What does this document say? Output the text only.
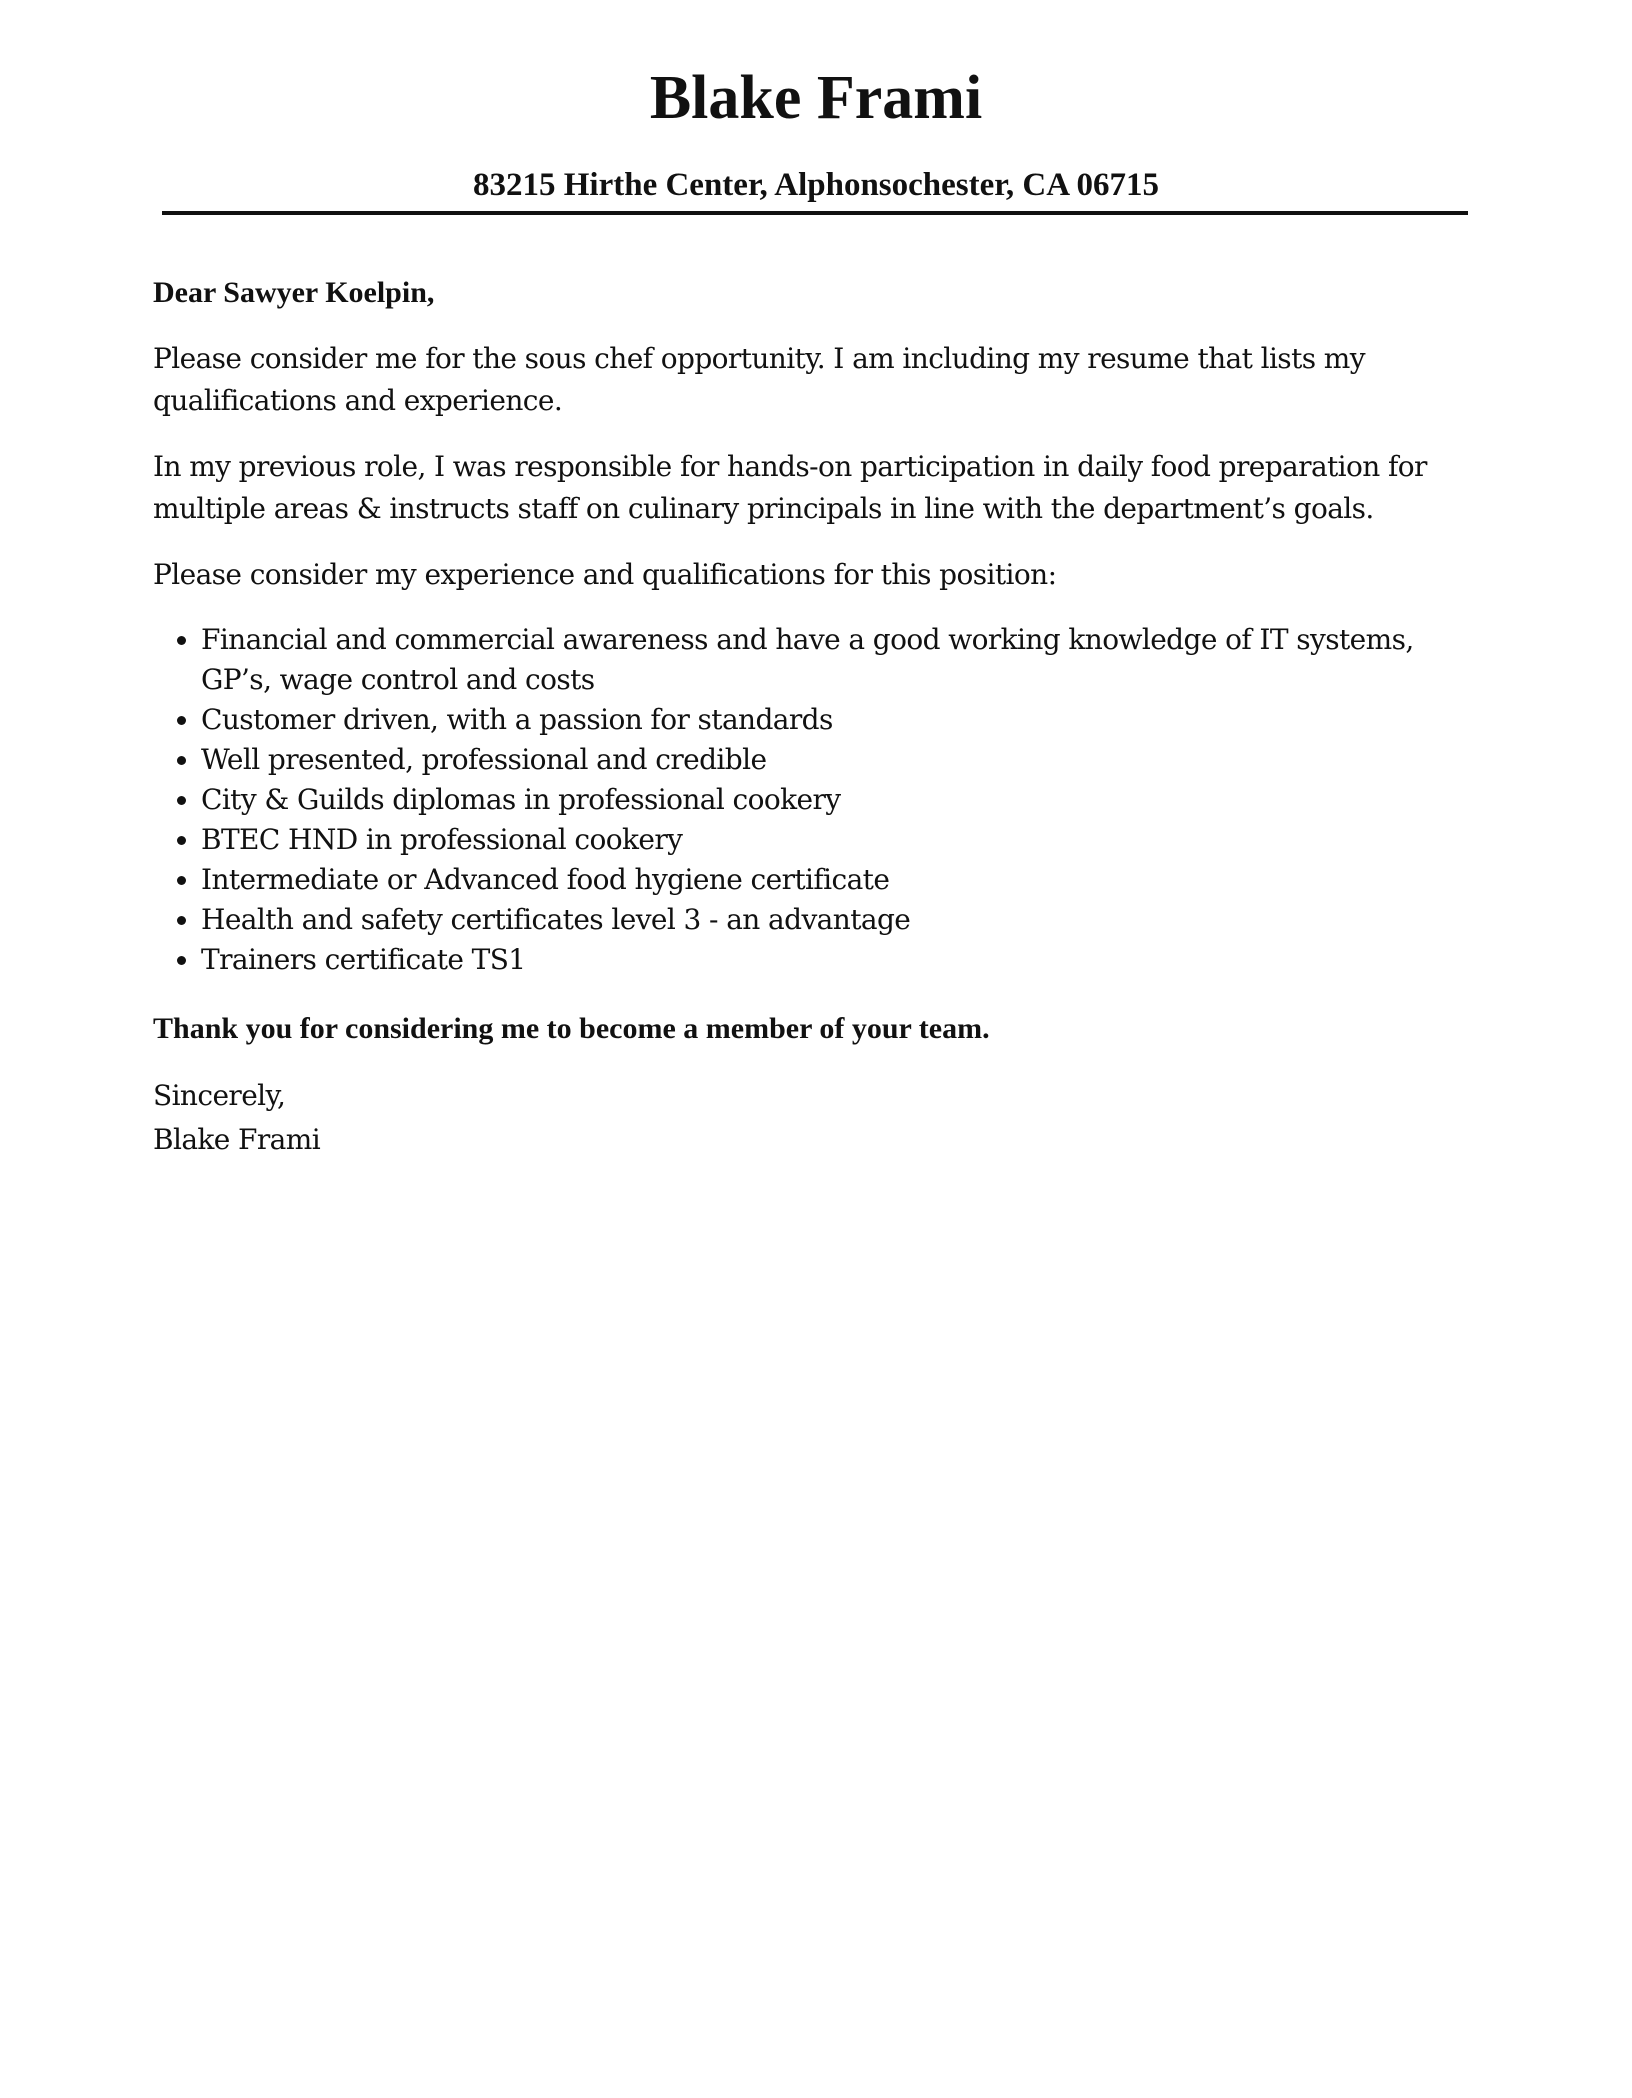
Blake Frami
83215 Hirthe Center, Alphonsochester, CA 06715

Dear Sawyer Koelpin,

Please consider me for the sous chef opportunity. I am including my resume that lists my qualifications and experience.

In my previous role, I was responsible for hands-on participation in daily food preparation for multiple areas & instructs staff on culinary principals in line with the department’s goals.

Please consider my experience and qualifications for this position:

Financial and commercial awareness and have a good working knowledge of IT systems, GP’s, wage control and costs
Customer driven, with a passion for standards
Well presented, professional and credible
City & Guilds diplomas in professional cookery
BTEC HND in professional cookery
Intermediate or Advanced food hygiene certificate
Health and safety certificates level 3 - an advantage
Trainers certificate TS1

Thank you for considering me to become a member of your team.

Sincerely,
Blake Frami
